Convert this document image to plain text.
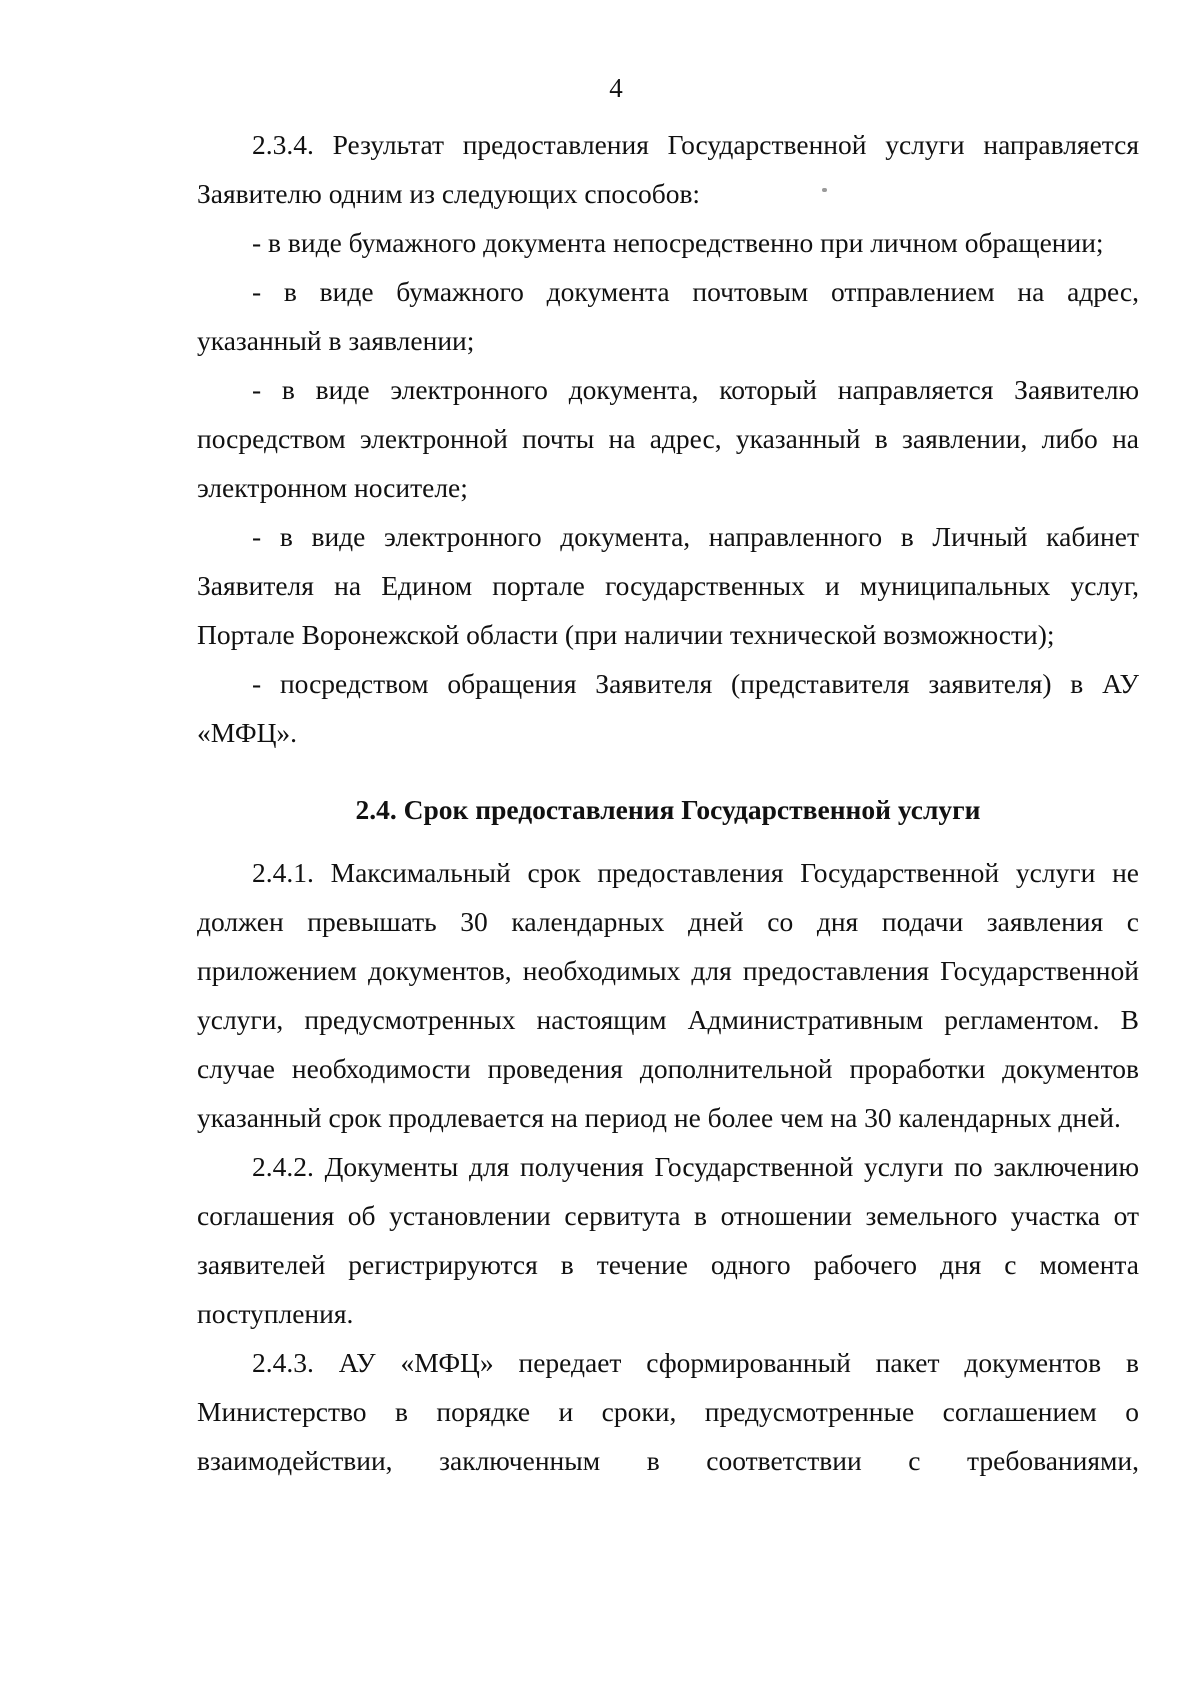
4

2.3.4. Результат предоставления Государственной услуги направляется Заявителю одним из следующих способов:

- в виде бумажного документа непосредственно при личном обращении;

- в виде бумажного документа почтовым отправлением на адрес, указанный в заявлении;

- в виде электронного документа, который направляется Заявителю посредством электронной почты на адрес, указанный в заявлении, либо на электронном носителе;

- в виде электронного документа, направленного в Личный кабинет Заявителя на Едином портале государственных и муниципальных услуг, Портале Воронежской области (при наличии технической возможности);

- посредством обращения Заявителя (представителя заявителя) в АУ «МФЦ».

2.4. Срок предоставления Государственной услуги

2.4.1. Максимальный срок предоставления Государственной услуги не должен превышать 30 календарных дней со дня подачи заявления с приложением документов, необходимых для предоставления Государственной услуги, предусмотренных настоящим Административным регламентом. В случае необходимости проведения дополнительной проработки документов указанный срок продлевается на период не более чем на 30 календарных дней.

2.4.2. Документы для получения Государственной услуги по заключению соглашения об установлении сервитута в отношении земельного участка от заявителей регистрируются в течение одного рабочего дня с момента поступления.

2.4.3. АУ «МФЦ» передает сформированный пакет документов в Министерство в порядке и сроки, предусмотренные соглашением о взаимодействии, заключенным в соответствии с требованиями,
